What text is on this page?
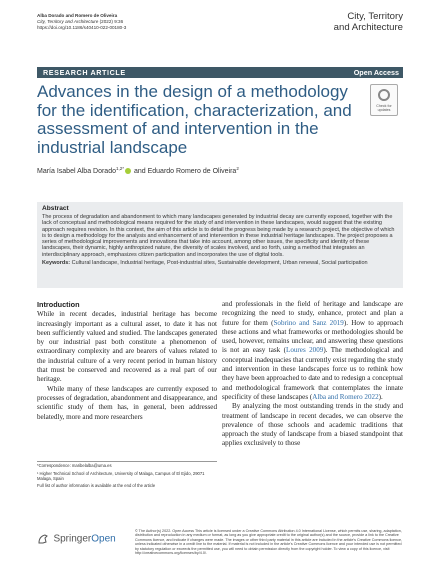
Alba Dorado and Romero de Oliveira
City, Territory and Architecture (2022) 9:36
https://doi.org/10.1186/s40410-022-00180-3
City, Territory
and Architecture
RESEARCH ARTICLE	Open Access
Advances in the design of a methodology for the identification, characterization, and assessment of and intervention in the industrial landscape
Check for updates
María Isabel Alba Dorado$^{1,2*}$ and Eduardo Romero de Oliveira$^2$
Abstract
The process of degradation and abandonment to which many landscapes generated by industrial decay are currently exposed, together with the lack of conceptual and methodological means required for the study of and intervention in these landscapes, would suggest that the existing approach requires revision. In this context, the aim of this article is to detail the progress being made by a research project, the objective of which is to design a methodology for the analysis and enhancement of and intervention in these industrial heritage landscapes. The project proposes a series of methodological improvements and innovations that take into account, among other issues, the specificity and identity of these landscapes, their dynamic, highly anthropized nature, the diversity of scales involved, and so forth, using a method that integrates an interdisciplinary approach, emphasizes citizen participation and incorporates the use of digital tools.
Keywords: Cultural landscape, Industrial heritage, Post-industrial sites, Sustainable development, Urban renewal, Social participation
Introduction

While in recent decades, industrial heritage has become increasingly important as a cultural asset, to date it has not been sufficiently valued and studied. The landscapes generated by our industrial past both constitute a phenomenon of extraordinary complexity and are bearers of values related to the industrial culture of a very recent period in human history that must be conserved and recovered as a real part of our heritage.

While many of these landscapes are currently exposed to processes of degradation, abandonment and disappearance, and scientific study of them has, in general, been addressed belatedly, more and more researchers

and professionals in the field of heritage and landscape are recognizing the need to study, enhance, protect and plan a future for them (Sobrino and Sanz 2019). How to approach these actions and what frameworks or methodologies should be used, however, remains unclear, and answering these questions is not an easy task (Loures 2009). The methodological and conceptual inadequacies that currently exist regarding the study and intervention in these landscapes force us to rethink how they have been approached to date and to redesign a conceptual and methodological framework that contemplates the innate specificity of these landscapes (Alba and Romero 2022).

By analyzing the most outstanding trends in the study and treatment of landscape in recent decades, we can observe the prevalence of those schools and academic traditions that approach the study of landscape from a biased standpoint that applies exclusively to those

*Correspondence: maribelalba@uma.es
¹ Higher Technical School of Architecture, University of Malaga, Campus of El Ejido, 29071 Malaga, Spain
Full list of author information is available at the end of the article
SpringerOpen
© The Author(s) 2022. Open Access This article is licensed under a Creative Commons Attribution 4.0 International License, which permits use, sharing, adaptation, distribution and reproduction in any medium or format, as long as you give appropriate credit to the original author(s) and the source, provide a link to the Creative Commons licence, and indicate if changes were made. The images or other third party material in this article are included in the article's Creative Commons licence, unless indicated otherwise in a credit line to the material. If material is not included in the article's Creative Commons licence and your intended use is not permitted by statutory regulation or exceeds the permitted use, you will need to obtain permission directly from the copyright holder. To view a copy of this licence, visit http://creativecommons.org/licenses/by/4.0/.
